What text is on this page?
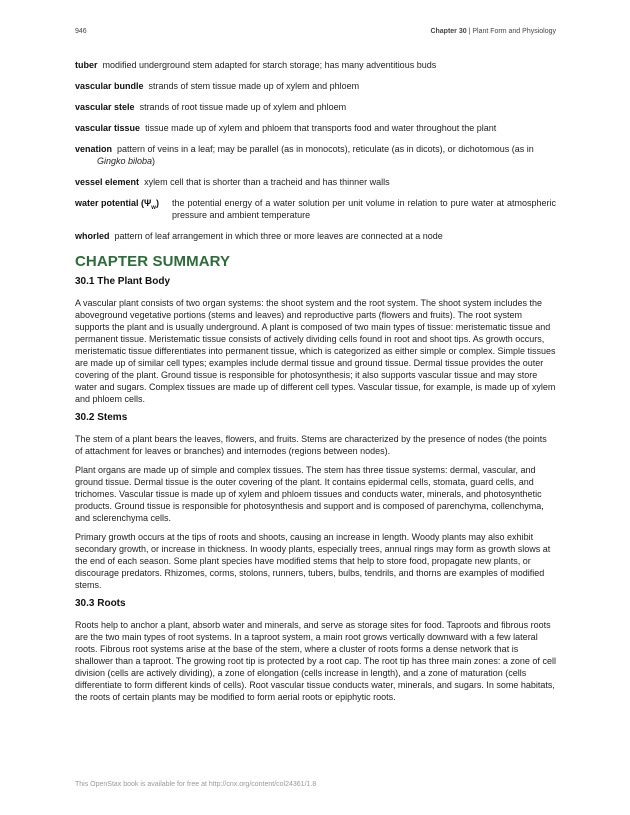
946	Chapter 30 | Plant Form and Physiology

tuber modified underground stem adapted for starch storage; has many adventitious buds

vascular bundle strands of stem tissue made up of xylem and phloem

vascular stele strands of root tissue made up of xylem and phloem

vascular tissue tissue made up of xylem and phloem that transports food and water throughout the plant

venation pattern of veins in a leaf; may be parallel (as in monocots), reticulate (as in dicots), or dichotomous (as in Gingko biloba)

vessel element xylem cell that is shorter than a tracheid and has thinner walls

water potential $(\Psi_w)$	the potential energy of a water solution per unit volume in relation to pure water at atmospheric pressure and ambient temperature

whorled pattern of leaf arrangement in which three or more leaves are connected at a node

CHAPTER SUMMARY
30.1 The Plant Body

A vascular plant consists of two organ systems: the shoot system and the root system. The shoot system includes the aboveground vegetative portions (stems and leaves) and reproductive parts (flowers and fruits). The root system supports the plant and is usually underground. A plant is composed of two main types of tissue: meristematic tissue and permanent tissue. Meristematic tissue consists of actively dividing cells found in root and shoot tips. As growth occurs, meristematic tissue differentiates into permanent tissue, which is categorized as either simple or complex. Simple tissues are made up of similar cell types; examples include dermal tissue and ground tissue. Dermal tissue provides the outer covering of the plant. Ground tissue is responsible for photosynthesis; it also supports vascular tissue and may store water and sugars. Complex tissues are made up of different cell types. Vascular tissue, for example, is made up of xylem and phloem cells.

30.2 Stems

The stem of a plant bears the leaves, flowers, and fruits. Stems are characterized by the presence of nodes (the points of attachment for leaves or branches) and internodes (regions between nodes).

Plant organs are made up of simple and complex tissues. The stem has three tissue systems: dermal, vascular, and ground tissue. Dermal tissue is the outer covering of the plant. It contains epidermal cells, stomata, guard cells, and trichomes. Vascular tissue is made up of xylem and phloem tissues and conducts water, minerals, and photosynthetic products. Ground tissue is responsible for photosynthesis and support and is composed of parenchyma, collenchyma, and sclerenchyma cells.

Primary growth occurs at the tips of roots and shoots, causing an increase in length. Woody plants may also exhibit secondary growth, or increase in thickness. In woody plants, especially trees, annual rings may form as growth slows at the end of each season. Some plant species have modified stems that help to store food, propagate new plants, or discourage predators. Rhizomes, corms, stolons, runners, tubers, bulbs, tendrils, and thorns are examples of modified stems.

30.3 Roots

Roots help to anchor a plant, absorb water and minerals, and serve as storage sites for food. Taproots and fibrous roots are the two main types of root systems. In a taproot system, a main root grows vertically downward with a few lateral roots. Fibrous root systems arise at the base of the stem, where a cluster of roots forms a dense network that is shallower than a taproot. The growing root tip is protected by a root cap. The root tip has three main zones: a zone of cell division (cells are actively dividing), a zone of elongation (cells increase in length), and a zone of maturation (cells differentiate to form different kinds of cells). Root vascular tissue conducts water, minerals, and sugars. In some habitats, the roots of certain plants may be modified to form aerial roots or epiphytic roots.

This OpenStax book is available for free at http://cnx.org/content/col24361/1.8
